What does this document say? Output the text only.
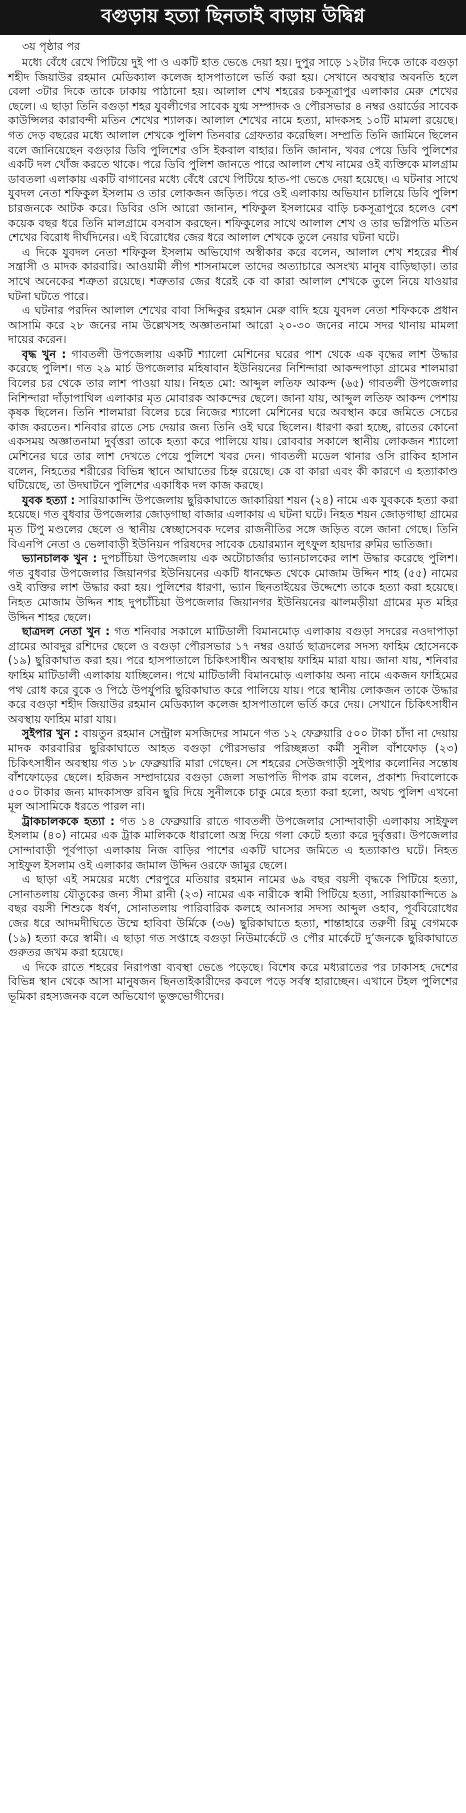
বগুড়ায় হত্যা ছিনতাই বাড়ায় উদ্বিগ্ন
৩য় পৃষ্ঠার পর

মধ্যে বেঁধে রেখে পিটিয়ে দুই পা ও একটি হাত ভেঙে দেয়া হয়। দুপুর সাড়ে ১২টার দিকে তাকে বগুড়া শহীদ জিয়াউর রহমান মেডিক্যাল কলেজ হাসপাতালে ভর্তি করা হয়। সেখানে অবস্থার অবনতি হলে বেলা ৩টার দিকে তাকে ঢাকায় পাঠানো হয়। আলাল শেখ শহরের চকসূত্রাপুর এলাকার মেরু শেখের ছেলে। এ ছাড়া তিনি বগুড়া শহর যুবলীগের সাবেক যুগ্ম সম্পাদক ও পৌরসভার ৪ নম্বর ওয়ার্ডের সাবেক কাউন্সিলর কারাবন্দী মতিন শেখের শ্যালক। আলাল শেখের নামে হত্যা, মাদকসহ ১০টি মামলা রয়েছে। গত দেড় বছরের মধ্যে আলাল শেখকে পুলিশ তিনবার গ্রেফতার করেছিল। সম্প্রতি তিনি জামিনে ছিলেন বলে জানিয়েছেন বগুড়ার ডিবি পুলিশের ওসি ইকবাল বাহার। তিনি জানান, খবর পেয়ে ডিবি পুলিশের একটি দল খোঁজ করতে থাকে। পরে ডিবি পুলিশ জানতে পারে আলাল শেখ নামের ওই ব্যক্তিকে মালগ্রাম ডাবতলা এলাকায় একটি বাগানের মধ্যে বেঁধে রেখে পিটিয়ে হাত-পা ভেঙে দেয়া হয়েছে। এ ঘটনার সাথে যুবদল নেতা শফিকুল ইসলাম ও তার লোকজন জড়িত। পরে ওই এলাকায় অভিযান চালিয়ে ডিবি পুলিশ চারজনকে আটক করে। ডিবির ওসি আরো জানান, শফিকুল ইসলামের বাড়ি চকসূত্রাপুরে হলেও বেশ কয়েক বছর ধরে তিনি মালগ্রামে বসবাস করছেন। শফিকুলের সাথে আলাল শেখ ও তার ভগ্নিপতি মতিন শেখের বিরোধ দীর্ঘদিনের। এই বিরোধের জের ধরে আলাল শেখকে তুলে নেয়ার ঘটনা ঘটে।

এ দিকে যুবদল নেতা শফিকুল ইসলাম অভিযোগ অস্বীকার করে বলেন, আলাল শেখ শহরের শীর্ষ সন্ত্রাসী ও মাদক কারবারি। আওয়ামী লীগ শাসনামলে তাদের অত্যাচারে অসংখ্য মানুষ বাড়িছাড়া। তার সাথে অনেকের শত্রুতা রয়েছে। শত্রুতার জের ধরেই কে বা কারা আলাল শেখকে তুলে নিয়ে যাওয়ার ঘটনা ঘটতে পারে।

এ ঘটনার পরদিন আলাল শেখের বাবা সিদ্দিকুর রহমান মেরু বাদি হয়ে যুবদল নেতা শফিককে প্রধান আসামি করে ২৮ জনের নাম উল্লেখসহ অজ্ঞাতনামা আরো ২০-৩০ জনের নামে সদর থানায় মামলা দায়ের করেন।

বৃদ্ধ খুন : গাবতলী উপজেলায় একটি শ্যালো মেশিনের ঘরের পাশ থেকে এক বৃদ্ধের লাশ উদ্ধার করেছে পুলিশ। গত ২৯ মার্চ উপজেলার মহিষাবান ইউনিয়নের নিশিন্দারা আকন্দপাড়া গ্রামের শালমারা বিলের চর থেকে তার লাশ পাওয়া যায়। নিহত মো: আব্দুল লতিফ আকন্দ (৬৫) গাবতলী উপজেলার নিশিন্দারা দাঁড়াপাথিল এলাকার মৃত মোবারক আকন্দের ছেলে। জানা যায়, আব্দুল লতিফ আকন্দ পেশায় কৃষক ছিলেন। তিনি শালমারা বিলের চরে নিজের শ্যালো মেশিনের ঘরে অবস্থান করে জমিতে সেচের কাজ করতেন। শনিবার রাতে সেচ দেয়ার জন্য তিনি ওই ঘরে ছিলেন। ধারণা করা হচ্ছে, রাতের কোনো একসময় অজ্ঞাতনামা দুর্বৃত্তরা তাকে হত্যা করে পালিয়ে যায়। রোববার সকালে স্থানীয় লোকজন শ্যালো মেশিনের ঘরে তার লাশ দেখতে পেয়ে পুলিশে খবর দেন। গাবতলী মডেল থানার ওসি রাকিব হাসান বলেন, নিহতের শরীরের বিভিন্ন স্থানে আঘাতের চিহ্ন রয়েছে। কে বা কারা এবং কী কারণে এ হত্যাকাণ্ড ঘটিয়েছে, তা উদঘাটনে পুলিশের একাধিক দল কাজ করছে।

যুবক হত্যা : সারিয়াকান্দি উপজেলায় ছুরিকাঘাতে জাকারিয়া শয়ন (২৪) নামে এক যুবককে হত্যা করা হয়েছে। গত বুধবার উপজেলার জোড়গাছা বাজার এলাকায় এ ঘটনা ঘটে। নিহত শয়ন জোড়গাছা গ্রামের মৃত টিপু মণ্ডলের ছেলে ও স্থানীয় স্বেচ্ছাসেবক দলের রাজনীতির সঙ্গে জড়িত বলে জানা গেছে। তিনি বিএনপি নেতা ও ভেলাবাড়ী ইউনিয়ন পরিষদের সাবেক চেয়ারম্যান লুৎফুল হায়দার রুমির ভাতিজা।

ভ্যানচালক খুন : দুপচাঁচিয়া উপজেলায় এক অটোচার্জার ভ্যানচালকের লাশ উদ্ধার করেছে পুলিশ। গত বুধবার উপজেলার জিয়ানগর ইউনিয়নের একটি ধানক্ষেত থেকে মোজাম উদ্দিন শাহ (৫৫) নামের ওই ব্যক্তির লাশ উদ্ধার করা হয়। পুলিশের ধারণা, ভ্যান ছিনতাইয়ের উদ্দেশ্যে তাকে হত্যা করা হয়েছে। নিহত মোজাম উদ্দিন শাহ দুপচাঁচিয়া উপজেলার জিয়ানগর ইউনিয়নের ঝালমড়ীয়া গ্রামের মৃত মহির উদ্দিন শাহর ছেলে।

ছাত্রদল নেতা খুন : গত শনিবার সকালে মাটিডালী বিমানমোড় এলাকায় বগুড়া সদরের নওদাপাড়া গ্রামের আবদুর রশিদের ছেলে ও বগুড়া পৌরসভার ১৭ নম্বর ওয়ার্ড ছাত্রদলের সদস্য ফাহিম হোসেনকে (১৯) ছুরিকাঘাত করা হয়। পরে হাসপাতালে চিকিৎসাধীন অবস্থায় ফাহিম মারা যায়। জানা যায়, শনিবার ফাহিম মাটিডালী এলাকায় যাচ্ছিলেন। পথে মাটিডালী বিমানমোড় এলাকায় অন্য নামে একজন ফাহিমের পথ রোধ করে বুকে ও পিঠে উপর্যুপরি ছুরিকাঘাত করে পালিয়ে যায়। পরে স্থানীয় লোকজন তাকে উদ্ধার করে বগুড়া শহীদ জিয়াউর রহমান মেডিক্যাল কলেজ হাসপাতালে ভর্তি করে দেয়। সেখানে চিকিৎসাধীন অবস্থায় ফাহিম মারা যায়।

সুইপার খুন : বায়তুন রহমান সেন্ট্রাল মসজিদের সামনে গত ১২ ফেব্রুয়ারি ৫০০ টাকা চাঁদা না দেয়ায় মাদক কারবারির ছুরিকাঘাতে আহত বগুড়া পৌরসভার পরিচ্ছন্নতা কর্মী সুনীল বাঁশফোড় (২৩) চিকিৎসাধীন অবস্থায় গত ১৮ ফেব্রুয়ারি মারা গেছেন। সে শহরের সেউজগাড়ী সুইপার কলোনির সন্তোষ বাঁশফোড়ের ছেলে। হরিজন সম্প্রদায়ের বগুড়া জেলা সভাপতি দীপক রাম বলেন, প্রকাশ্য দিবালোকে ৫০০ টাকার জন্য মাদকাসক্ত রবিন ছুরি দিয়ে সুনীলকে চাকু মেরে হত্যা করা হলো, অথচ পুলিশ এখনো মূল আসামিকে ধরতে পারল না।

ট্রাকচালককে হত্যা : গত ১৪ ফেব্রুয়ারি রাতে গাবতলী উপজেলার সোন্দাবাড়ী এলাকায় সাইফুল ইসলাম (৪০) নামের এক ট্রাক মালিককে ধারালো অস্ত্র দিয়ে গলা কেটে হত্যা করে দুর্বৃত্তরা। উপজেলার সোন্দাবাড়ী পূর্বপাড়া এলাকায় নিজ বাড়ির পাশের একটি ঘাসের জমিতে এ হত্যাকাণ্ড ঘটে। নিহত সাইফুল ইসলাম ওই এলাকার জামাল উদ্দিন ওরফে জামুর ছেলে।

এ ছাড়া এই সময়ের মধ্যে শেরপুরে মতিয়ার রহমান নামের ৬৯ বছর বয়সী বৃদ্ধকে পিটিয়ে হত্যা, সোনাতলায় যৌতুকের জন্য সীমা রানী (২৩) নামের এক নারীকে স্বামী পিটিয়ে হত্যা, সারিয়াকান্দিতে ৯ বছর বয়সী শিশুকে ধর্ষণ, সোনাতলায় পারিবারিক কলহে আনসার সদস্য আব্দুল ওহাব, পূর্ববিরোধের জের ধরে আদমদীঘিতে উম্মে হাবিবা উর্মিকে (৩৬) ছুরিকাঘাতে হত্যা, শান্তাহারে তরুণী রিমু বেগমকে (১৯) হত্যা করে স্বামী। এ ছাড়া গত সপ্তাহে বগুড়া নিউমার্কেটে ও পৌর মার্কেটে দু’জনকে ছুরিকাঘাতে গুরুতর জখম করা হয়েছে।

এ দিকে রাতে শহরের নিরাপত্তা ব্যবস্থা ভেঙে পড়েছে। বিশেষ করে মধ্যরাতের পর ঢাকাসহ দেশের বিভিন্ন স্থান থেকে আসা মানুষজন ছিনতাইকারীদের কবলে পড়ে সর্বস্ব হারাচ্ছেন। এখানে টহল পুলিশের ভূমিকা রহস্যজনক বলে অভিযোগ ভুক্তভোগীদের।
